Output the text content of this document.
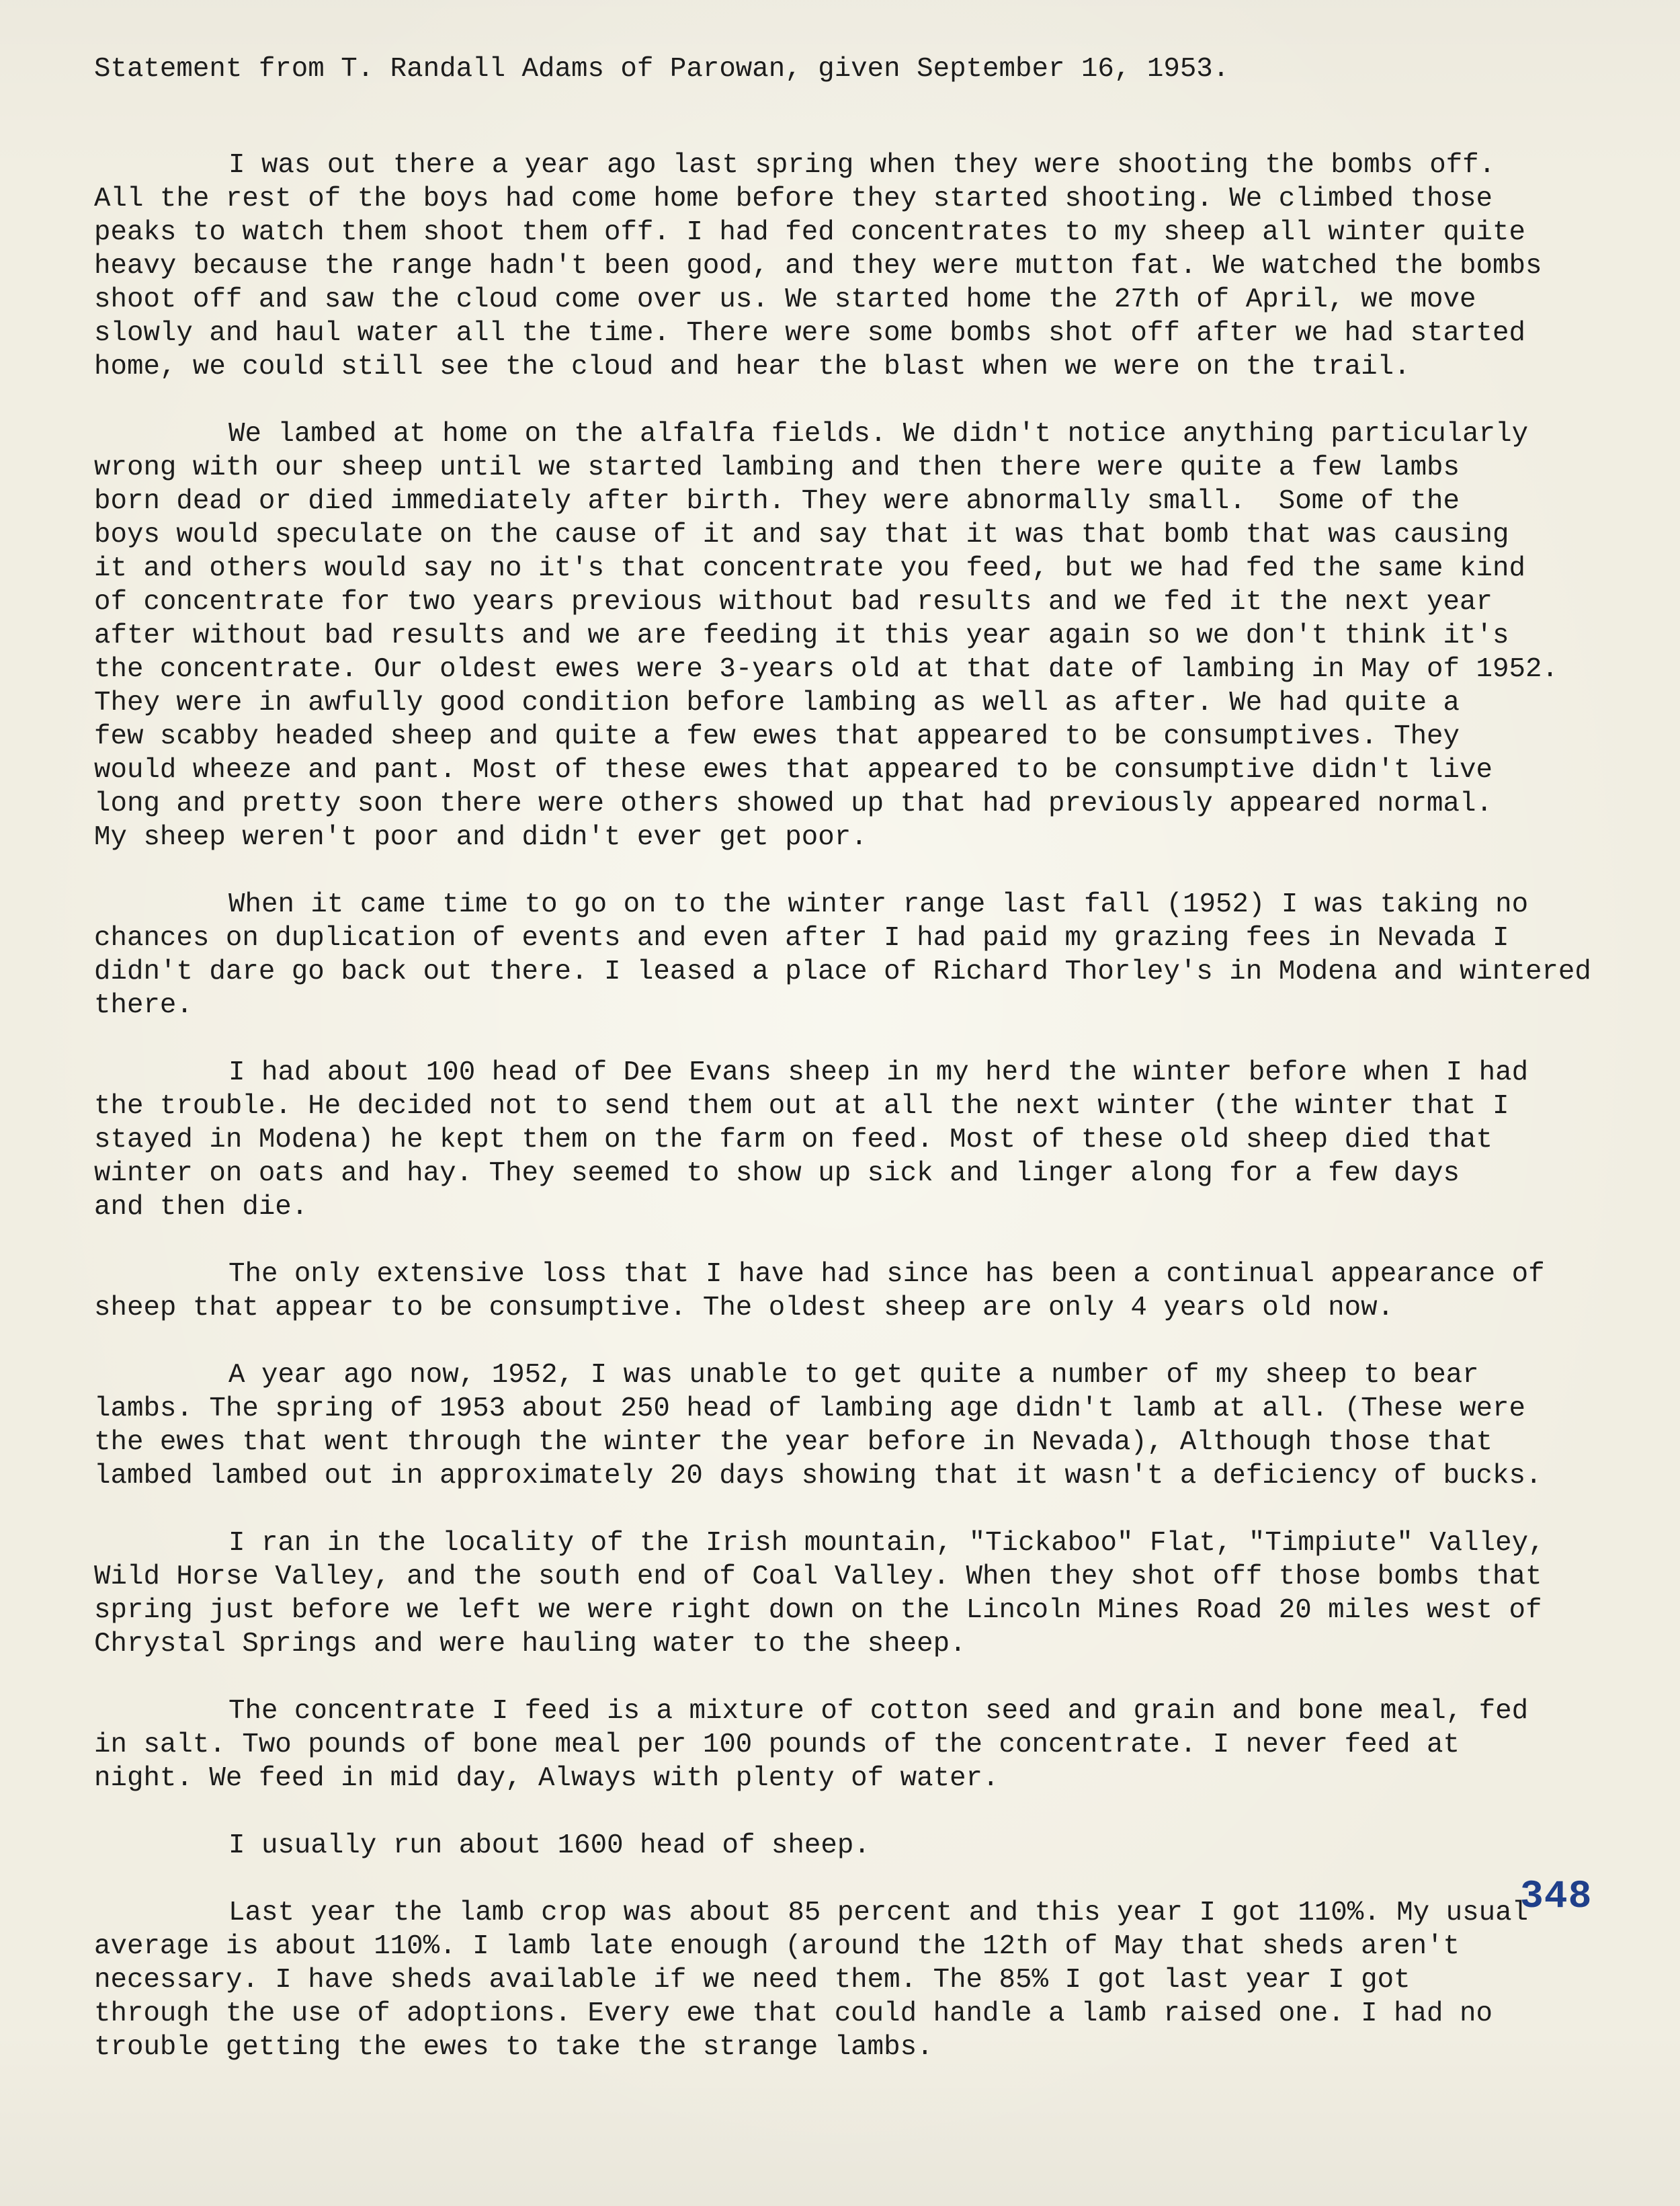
Statement from T. Randall Adams of Parowan, given September 16, 1953.
I was out there a year ago last spring when they were shooting the bombs off.
All the rest of the boys had come home before they started shooting. We climbed those
peaks to watch them shoot them off. I had fed concentrates to my sheep all winter quite
heavy because the range hadn't been good, and they were mutton fat. We watched the bombs
shoot off and saw the cloud come over us. We started home the 27th of April, we move
slowly and haul water all the time. There were some bombs shot off after we had started
home, we could still see the cloud and hear the blast when we were on the trail.
We lambed at home on the alfalfa fields. We didn't notice anything particularly
wrong with our sheep until we started lambing and then there were quite a few lambs
born dead or died immediately after birth. They were abnormally small.  Some of the
boys would speculate on the cause of it and say that it was that bomb that was causing
it and others would say no it's that concentrate you feed, but we had fed the same kind
of concentrate for two years previous without bad results and we fed it the next year
after without bad results and we are feeding it this year again so we don't think it's
the concentrate. Our oldest ewes were 3-years old at that date of lambing in May of 1952.
They were in awfully good condition before lambing as well as after. We had quite a
few scabby headed sheep and quite a few ewes that appeared to be consumptives. They
would wheeze and pant. Most of these ewes that appeared to be consumptive didn't live
long and pretty soon there were others showed up that had previously appeared normal.
My sheep weren't poor and didn't ever get poor.
When it came time to go on to the winter range last fall (1952) I was taking no
chances on duplication of events and even after I had paid my grazing fees in Nevada I
didn't dare go back out there. I leased a place of Richard Thorley's in Modena and wintered
there.
I had about 100 head of Dee Evans sheep in my herd the winter before when I had
the trouble. He decided not to send them out at all the next winter (the winter that I
stayed in Modena) he kept them on the farm on feed. Most of these old sheep died that
winter on oats and hay. They seemed to show up sick and linger along for a few days
and then die.
The only extensive loss that I have had since has been a continual appearance of
sheep that appear to be consumptive. The oldest sheep are only 4 years old now.
A year ago now, 1952, I was unable to get quite a number of my sheep to bear
lambs. The spring of 1953 about 250 head of lambing age didn't lamb at all. (These were
the ewes that went through the winter the year before in Nevada), Although those that
lambed lambed out in approximately 20 days showing that it wasn't a deficiency of bucks.
I ran in the locality of the Irish mountain, "Tickaboo" Flat, "Timpiute" Valley,
Wild Horse Valley, and the south end of Coal Valley. When they shot off those bombs that
spring just before we left we were right down on the Lincoln Mines Road 20 miles west of
Chrystal Springs and were hauling water to the sheep.
The concentrate I feed is a mixture of cotton seed and grain and bone meal, fed
in salt. Two pounds of bone meal per 100 pounds of the concentrate. I never feed at
night. We feed in mid day, Always with plenty of water.
I usually run about 1600 head of sheep.
Last year the lamb crop was about 85 percent and this year I got 110%. My usual
average is about 110%. I lamb late enough (around the 12th of May that sheds aren't
necessary. I have sheds available if we need them. The 85% I got last year I got
through the use of adoptions. Every ewe that could handle a lamb raised one. I had no
trouble getting the ewes to take the strange lambs.
348
